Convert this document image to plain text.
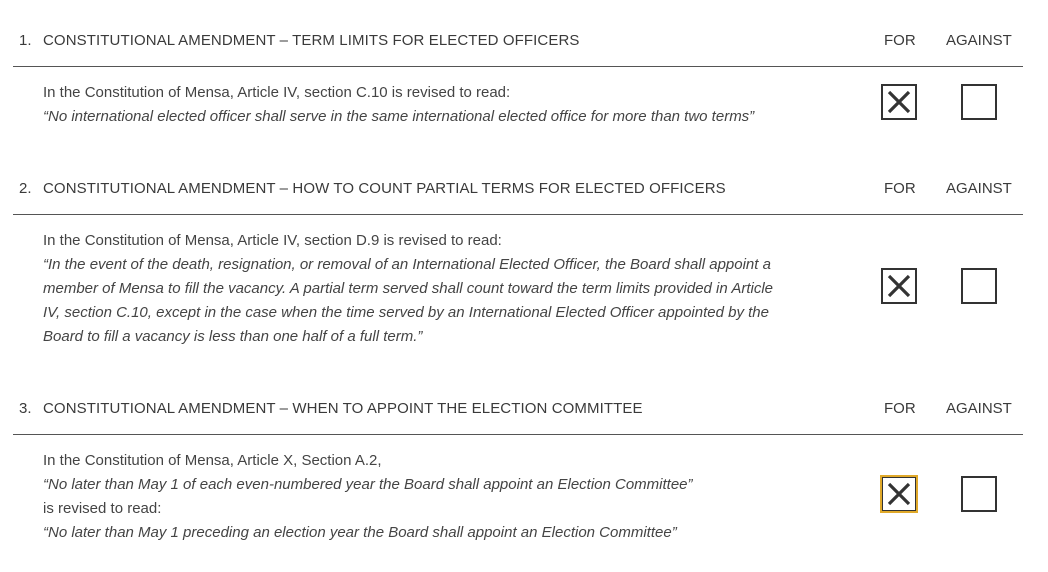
1. CONSTITUTIONAL AMENDMENT – TERM LIMITS FOR ELECTED OFFICERS	FOR AGAINST
In the Constitution of Mensa, Article IV, section C.10 is revised to read:
“No international elected officer shall serve in the same international elected office for more than two terms”
2. CONSTITUTIONAL AMENDMENT – HOW TO COUNT PARTIAL TERMS FOR ELECTED OFFICERS	FOR AGAINST
In the Constitution of Mensa, Article IV, section D.9 is revised to read:
“In the event of the death, resignation, or removal of an International Elected Officer, the Board shall appoint a
member of Mensa to fill the vacancy. A partial term served shall count toward the term limits provided in Article
IV, section C.10, except in the case when the time served by an International Elected Officer appointed by the
Board to fill a vacancy is less than one half of a full term.”
3. CONSTITUTIONAL AMENDMENT – WHEN TO APPOINT THE ELECTION COMMITTEE	FOR AGAINST
In the Constitution of Mensa, Article X, Section A.2,
“No later than May 1 of each even-numbered year the Board shall appoint an Election Committee”
is revised to read:
“No later than May 1 preceding an election year the Board shall appoint an Election Committee”
